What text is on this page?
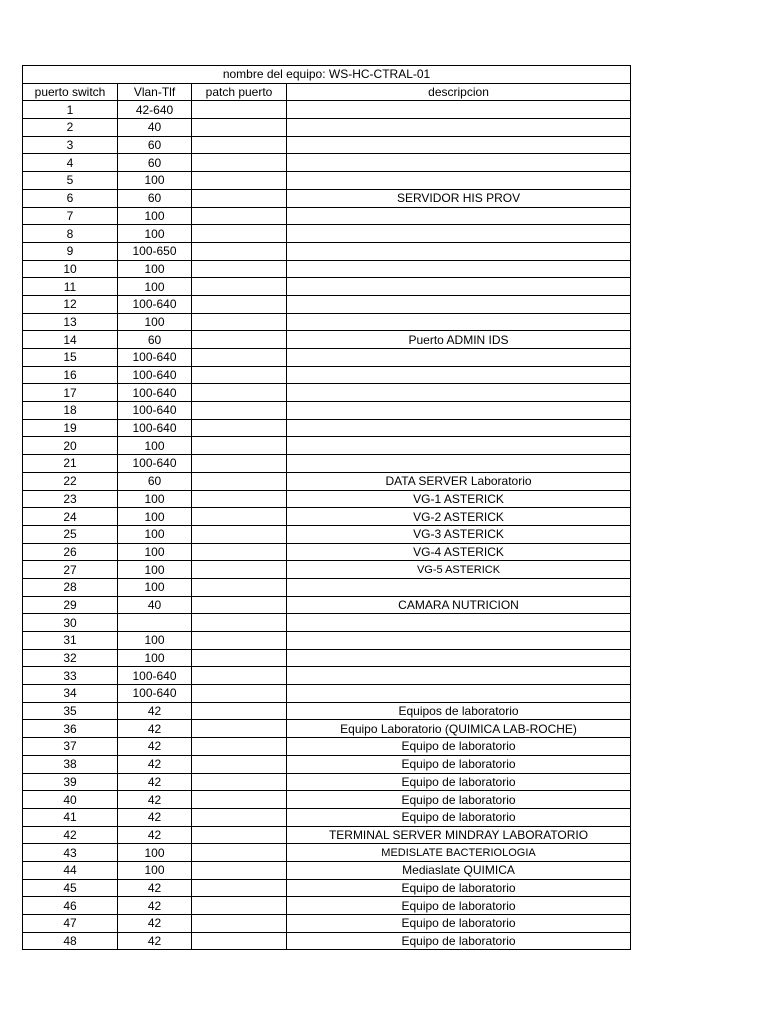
nombre del equipo: WS-HC-CTRAL-01			
puerto switch	Vlan-Tlf	patch puerto	descripcion
1	42-640		
2	40		
3	60		
4	60		
5	100		
6	60		SERVIDOR HIS PROV
7	100		
8	100		
9	100-650		
10	100		
11	100		
12	100-640		
13	100		
14	60		Puerto ADMIN IDS
15	100-640		
16	100-640		
17	100-640		
18	100-640		
19	100-640		
20	100		
21	100-640		
22	60		DATA SERVER Laboratorio
23	100		VG-1 ASTERICK
24	100		VG-2 ASTERICK
25	100		VG-3 ASTERICK
26	100		VG-4 ASTERICK
27	100		VG-5 ASTERICK
28	100		
29	40		CAMARA NUTRICION
30			
31	100		
32	100		
33	100-640		
34	100-640		
35	42		Equipos de laboratorio
36	42		Equipo Laboratorio (QUIMICA LAB-ROCHE)
37	42		Equipo de laboratorio
38	42		Equipo de laboratorio
39	42		Equipo de laboratorio
40	42		Equipo de laboratorio
41	42		Equipo de laboratorio
42	42		TERMINAL SERVER MINDRAY LABORATORIO
43	100		MEDISLATE BACTERIOLOGIA
44	100		Mediaslate QUIMICA
45	42		Equipo de laboratorio
46	42		Equipo de laboratorio
47	42		Equipo de laboratorio
48	42		Equipo de laboratorio
